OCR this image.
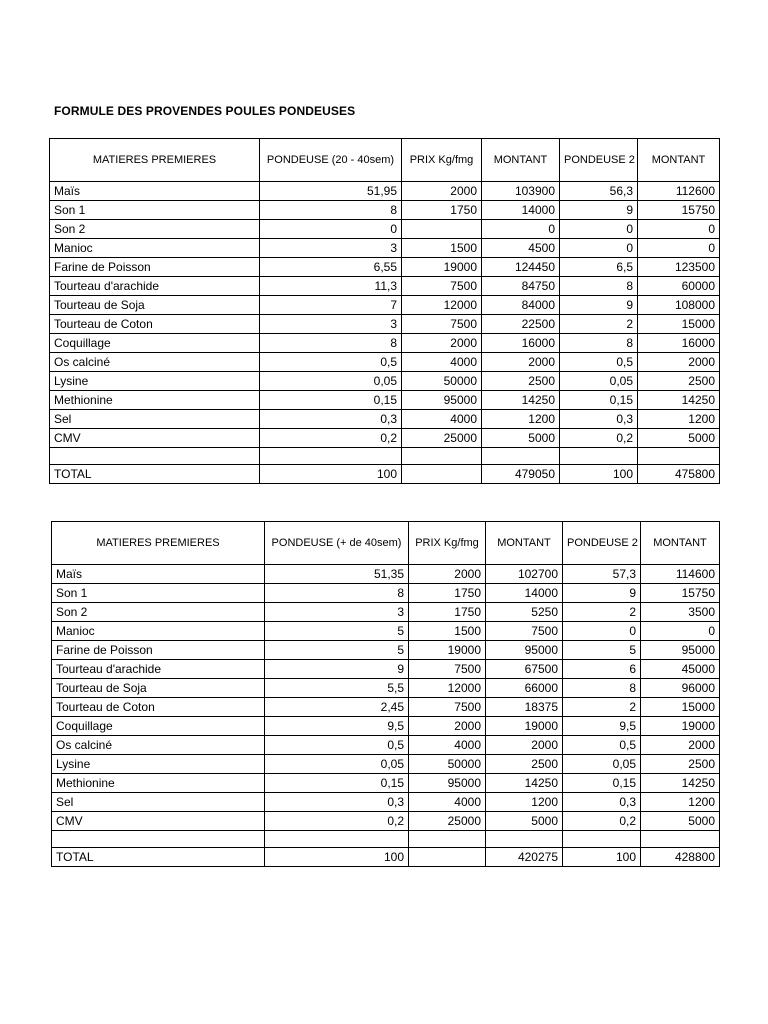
FORMULE DES PROVENDES POULES PONDEUSES
MATIERES PREMIERES	PONDEUSE (20 - 40sem)	PRIX Kg/fmg	MONTANT	PONDEUSE 2	MONTANT
Maïs	51,95	2000	103900	56,3	112600
Son 1	8	1750	14000	9	15750
Son 2	0		0	0	0
Manioc	3	1500	4500	0	0
Farine de Poisson	6,55	19000	124450	6,5	123500
Tourteau d'arachide	11,3	7500	84750	8	60000
Tourteau de Soja	7	12000	84000	9	108000
Tourteau de Coton	3	7500	22500	2	15000
Coquillage	8	2000	16000	8	16000
Os calciné	0,5	4000	2000	0,5	2000
Lysine	0,05	50000	2500	0,05	2500
Methionine	0,15	95000	14250	0,15	14250
Sel	0,3	4000	1200	0,3	1200
CMV	0,2	25000	5000	0,2	5000

TOTAL	100		479050	100	475800
MATIERES PREMIERES	PONDEUSE (+ de 40sem)	PRIX Kg/fmg	MONTANT	PONDEUSE 2	MONTANT
Maïs	51,35	2000	102700	57,3	114600
Son 1	8	1750	14000	9	15750
Son 2	3	1750	5250	2	3500
Manioc	5	1500	7500	0	0
Farine de Poisson	5	19000	95000	5	95000
Tourteau d'arachide	9	7500	67500	6	45000
Tourteau de Soja	5,5	12000	66000	8	96000
Tourteau de Coton	2,45	7500	18375	2	15000
Coquillage	9,5	2000	19000	9,5	19000
Os calciné	0,5	4000	2000	0,5	2000
Lysine	0,05	50000	2500	0,05	2500
Methionine	0,15	95000	14250	0,15	14250
Sel	0,3	4000	1200	0,3	1200
CMV	0,2	25000	5000	0,2	5000

TOTAL	100		420275	100	428800
